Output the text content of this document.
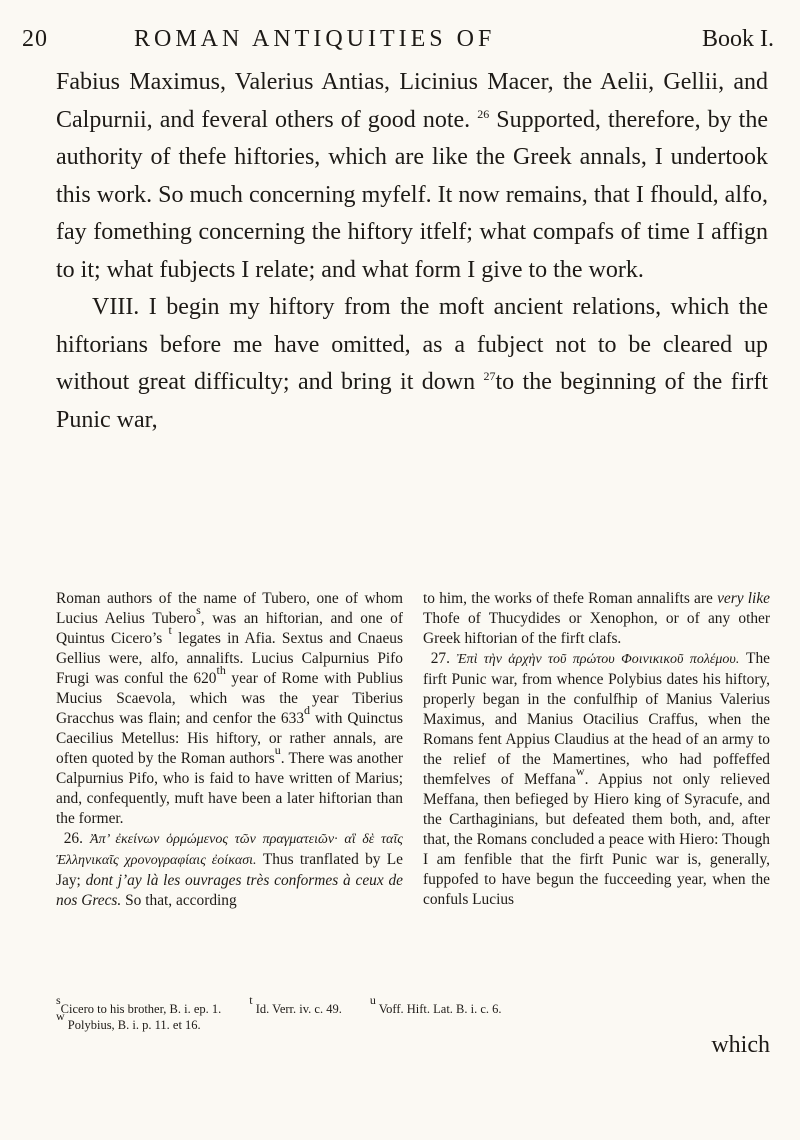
20	ROMAN ANTIQUITIES OF	Book I.

Fabius Maximus, Valerius Antias, Licinius Macer, the Aelii, Gellii, and Calpurnii, and feveral others of good note. $^{26}$ Supported, therefore, by the authority of thefe hiftories, which are like the Greek annals, I undertook this work. So much concerning myfelf. It now remains, that I fhould, alfo, fay fomething concerning the hiftory itfelf; what compafs of time I affign to it; what fubjects I relate; and what form I give to the work.

VIII. I begin my hiftory from the moft ancient relations, which the hiftorians before me have omitted, as a fubject not to be cleared up without great difficulty; and bring it down $^{27}$to the beginning of the firft Punic war,

Roman authors of the name of Tubero, one of whom Lucius Aelius Tubero$^s$, was an hiftorian, and one of Quintus Cicero’s $^t$ legates in Afia. Sextus and Cnaeus Gellius were, alfo, annalifts. Lucius Calpurnius Pifo Frugi was conful the 620th year of Rome with Publius Mucius Scaevola, which was the year Tiberius Gracchus was flain; and cenfor the 633$^d$ with Quinctus Caecilius Metellus: His hiftory, or rather annals, are often quoted by the Roman authors$^u$. There was another Calpurnius Pifo, who is faid to have written of Marius; and, confequently, muft have been a later hiftorian than the former.

 26. Ἀπ’ ἐκείνων ὁρμώμενος τῶν πραγματειῶν· αἳ δὲ ταῖς Ἑλληνικαῖς χρονογραφίαις ἐοίκασι. Thus tranflated by Le Jay; dont j’ay là les ouvrages très conformes à ceux de nos Grecs. So that, according

to him, the works of thefe Roman annalifts are very like Thofe of Thucydides or Xenophon, or of any other Greek hiftorian of the firft clafs.

 27. Ἐπὶ τὴν ἀρχὴν τοῦ πρώτου Φοινικικοῦ πολέμου. The firft Punic war, from whence Polybius dates his hiftory, properly began in the confulfhip of Manius Valerius Maximus, and Manius Otacilius Craffus, when the Romans fent Appius Claudius at the head of an army to the relief of the Mamertines, who had poffeffed themfelves of Meffana$^w$. Appius not only relieved Meffana, then befieged by Hiero king of Syracufe, and the Carthaginians, but defeated them both, and, after that, the Romans concluded a peace with Hiero: Though I am fenfible that the firft Punic war is, generally, fuppofed to have begun the fucceeding year, when the confuls Lucius

$^s$Cicero to his brother, B. i. ep. 1.
$^t$ Id. Verr. iv. c. 49.
$^u$ Voff. Hift. Lat. B. i. c. 6.
$^w$ Polybius, B. i. p. 11. et 16.
which
